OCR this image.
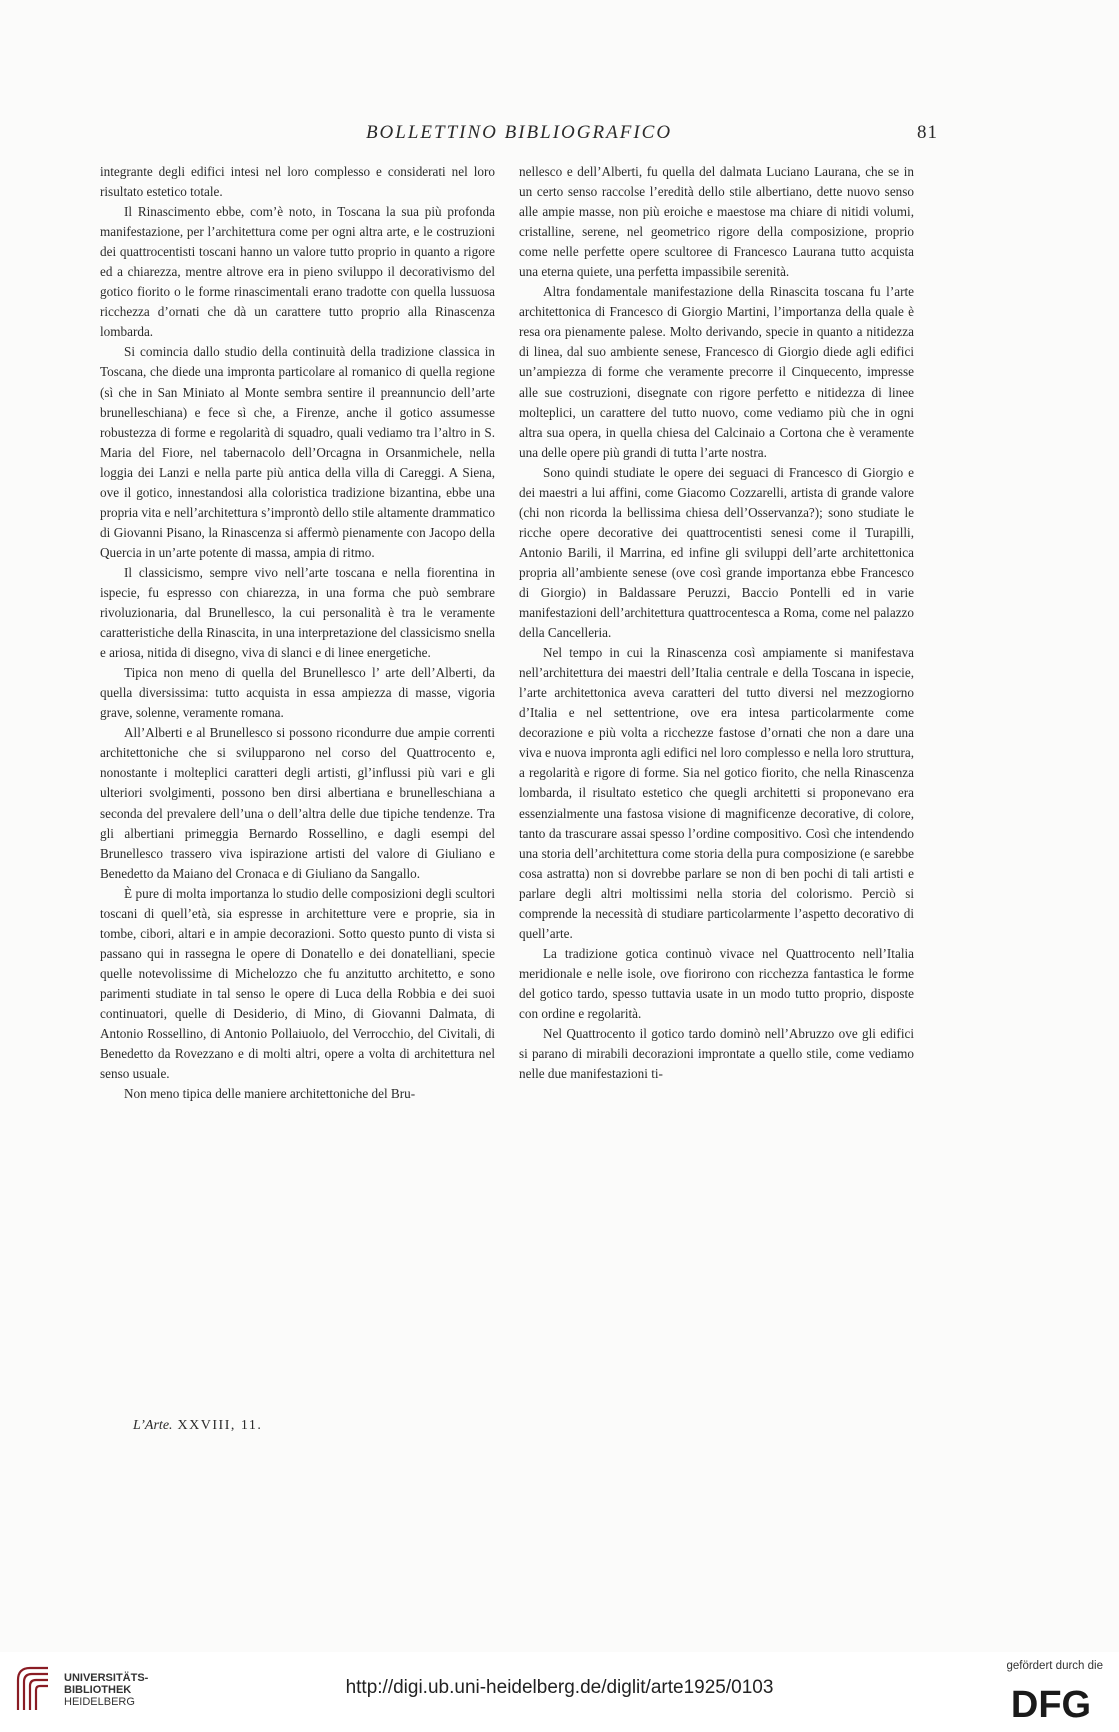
BOLLETTINO BIBLIOGRAFICO	81

integrante degli edifici intesi nel loro complesso e considerati nel loro risultato estetico totale.

Il Rinascimento ebbe, com’è noto, in Toscana la sua più profonda manifestazione, per l’architettura come per ogni altra arte, e le costruzioni dei quattrocentisti toscani hanno un valore tutto proprio in quanto a rigore ed a chiarezza, mentre altrove era in pieno sviluppo il decorativismo del gotico fiorito o le forme rinascimentali erano tradotte con quella lussuosa ricchezza d’ornati che dà un carattere tutto proprio alla Rinascenza lombarda.

Si comincia dallo studio della continuità della tradizione classica in Toscana, che diede una impronta particolare al romanico di quella regione (sì che in San Miniato al Monte sembra sentire il preannuncio dell’arte brunelleschiana) e fece sì che, a Firenze, anche il gotico assumesse robustezza di forme e regolarità di squadro, quali vediamo tra l’altro in S. Maria del Fiore, nel tabernacolo dell’Orcagna in Orsanmichele, nella loggia dei Lanzi e nella parte più antica della villa di Careggi. A Siena, ove il gotico, innestandosi alla coloristica tradizione bizantina, ebbe una propria vita e nell’architettura s’improntò dello stile altamente drammatico di Giovanni Pisano, la Rinascenza si affermò pienamente con Jacopo della Quercia in un’arte potente di massa, ampia di ritmo.

Il classicismo, sempre vivo nell’arte toscana e nella fiorentina in ispecie, fu espresso con chiarezza, in una forma che può sembrare rivoluzionaria, dal Brunellesco, la cui personalità è tra le veramente caratteristiche della Rinascita, in una interpretazione del classicismo snella e ariosa, nitida di disegno, viva di slanci e di linee energetiche.

Tipica non meno di quella del Brunellesco l’ arte dell’Alberti, da quella diversissima: tutto acquista in essa ampiezza di masse, vigoria grave, solenne, veramente romana.

All’Alberti e al Brunellesco si possono ricondurre due ampie correnti architettoniche che si svilupparono nel corso del Quattrocento e, nonostante i molteplici caratteri degli artisti, gl’influssi più vari e gli ulteriori svolgimenti, possono ben dirsi albertiana e brunelleschiana a seconda del prevalere dell’una o dell’altra delle due tipiche tendenze. Tra gli albertiani primeggia Bernardo Rossellino, e dagli esempi del Brunellesco trassero viva ispirazione artisti del valore di Giuliano e Benedetto da Maiano del Cronaca e di Giuliano da Sangallo.

È pure di molta importanza lo studio delle composizioni degli scultori toscani di quell’età, sia espresse in architetture vere e proprie, sia in tombe, cibori, altari e in ampie decorazioni. Sotto questo punto di vista si passano qui in rassegna le opere di Donatello e dei donatelliani, specie quelle notevolissime di Michelozzo che fu anzitutto architetto, e sono parimenti studiate in tal senso le opere di Luca della Robbia e dei suoi continuatori, quelle di Desiderio, di Mino, di Giovanni Dalmata, di Antonio Rossellino, di Antonio Pollaiuolo, del Verrocchio, del Civitali, di Benedetto da Rovezzano e di molti altri, opere a volta di architettura nel senso usuale.

Non meno tipica delle maniere architettoniche del Bru-

nellesco e dell’Alberti, fu quella del dalmata Luciano Laurana, che se in un certo senso raccolse l’eredità dello stile albertiano, dette nuovo senso alle ampie masse, non più eroiche e maestose ma chiare di nitidi volumi, cristalline, serene, nel geometrico rigore della composizione, proprio come nelle perfette opere scultoree di Francesco Laurana tutto acquista una eterna quiete, una perfetta impassibile serenità.

Altra fondamentale manifestazione della Rinascita toscana fu l’arte architettonica di Francesco di Giorgio Martini, l’importanza della quale è resa ora pienamente palese. Molto derivando, specie in quanto a nitidezza di linea, dal suo ambiente senese, Francesco di Giorgio diede agli edifici un’ampiezza di forme che veramente precorre il Cinquecento, impresse alle sue costruzioni, disegnate con rigore perfetto e nitidezza di linee molteplici, un carattere del tutto nuovo, come vediamo più che in ogni altra sua opera, in quella chiesa del Calcinaio a Cortona che è veramente una delle opere più grandi di tutta l’arte nostra.

Sono quindi studiate le opere dei seguaci di Francesco di Giorgio e dei maestri a lui affini, come Giacomo Cozzarelli, artista di grande valore (chi non ricorda la bellissima chiesa dell’Osservanza?); sono studiate le ricche opere decorative dei quattrocentisti senesi come il Turapilli, Antonio Barili, il Marrina, ed infine gli sviluppi dell’arte architettonica propria all’ambiente senese (ove così grande importanza ebbe Francesco di Giorgio) in Baldassare Peruzzi, Baccio Pontelli ed in varie manifestazioni dell’architettura quattrocentesca a Roma, come nel palazzo della Cancelleria.

Nel tempo in cui la Rinascenza così ampiamente si manifestava nell’architettura dei maestri dell’Italia centrale e della Toscana in ispecie, l’arte architettonica aveva caratteri del tutto diversi nel mezzogiorno d’Italia e nel settentrione, ove era intesa particolarmente come decorazione e più volta a ricchezze fastose d’ornati che non a dare una viva e nuova impronta agli edifici nel loro complesso e nella loro struttura, a regolarità e rigore di forme. Sia nel gotico fiorito, che nella Rinascenza lombarda, il risultato estetico che quegli architetti si proponevano era essenzialmente una fastosa visione di magnificenze decorative, di colore, tanto da trascurare assai spesso l’ordine compositivo. Così che intendendo una storia dell’architettura come storia della pura composizione (e sarebbe cosa astratta) non si dovrebbe parlare se non di ben pochi di tali artisti e parlare degli altri moltissimi nella storia del colorismo. Perciò si comprende la necessità di studiare particolarmente l’aspetto decorativo di quell’arte.

La tradizione gotica continuò vivace nel Quattrocento nell’Italia meridionale e nelle isole, ove fiorirono con ricchezza fantastica le forme del gotico tardo, spesso tuttavia usate in un modo tutto proprio, disposte con ordine e regolarità.

Nel Quattrocento il gotico tardo dominò nell’Abruzzo ove gli edifici si parano di mirabili decorazioni improntate a quello stile, come vediamo nelle due manifestazioni ti-

L’Arte. XXVIII, 11.
UNIVERSITÄTS-
BIBLIOTHEK
HEIDELBERG
http://digi.ub.uni-heidelberg.de/diglit/arte1925/0103
gefördert durch die
DFG
